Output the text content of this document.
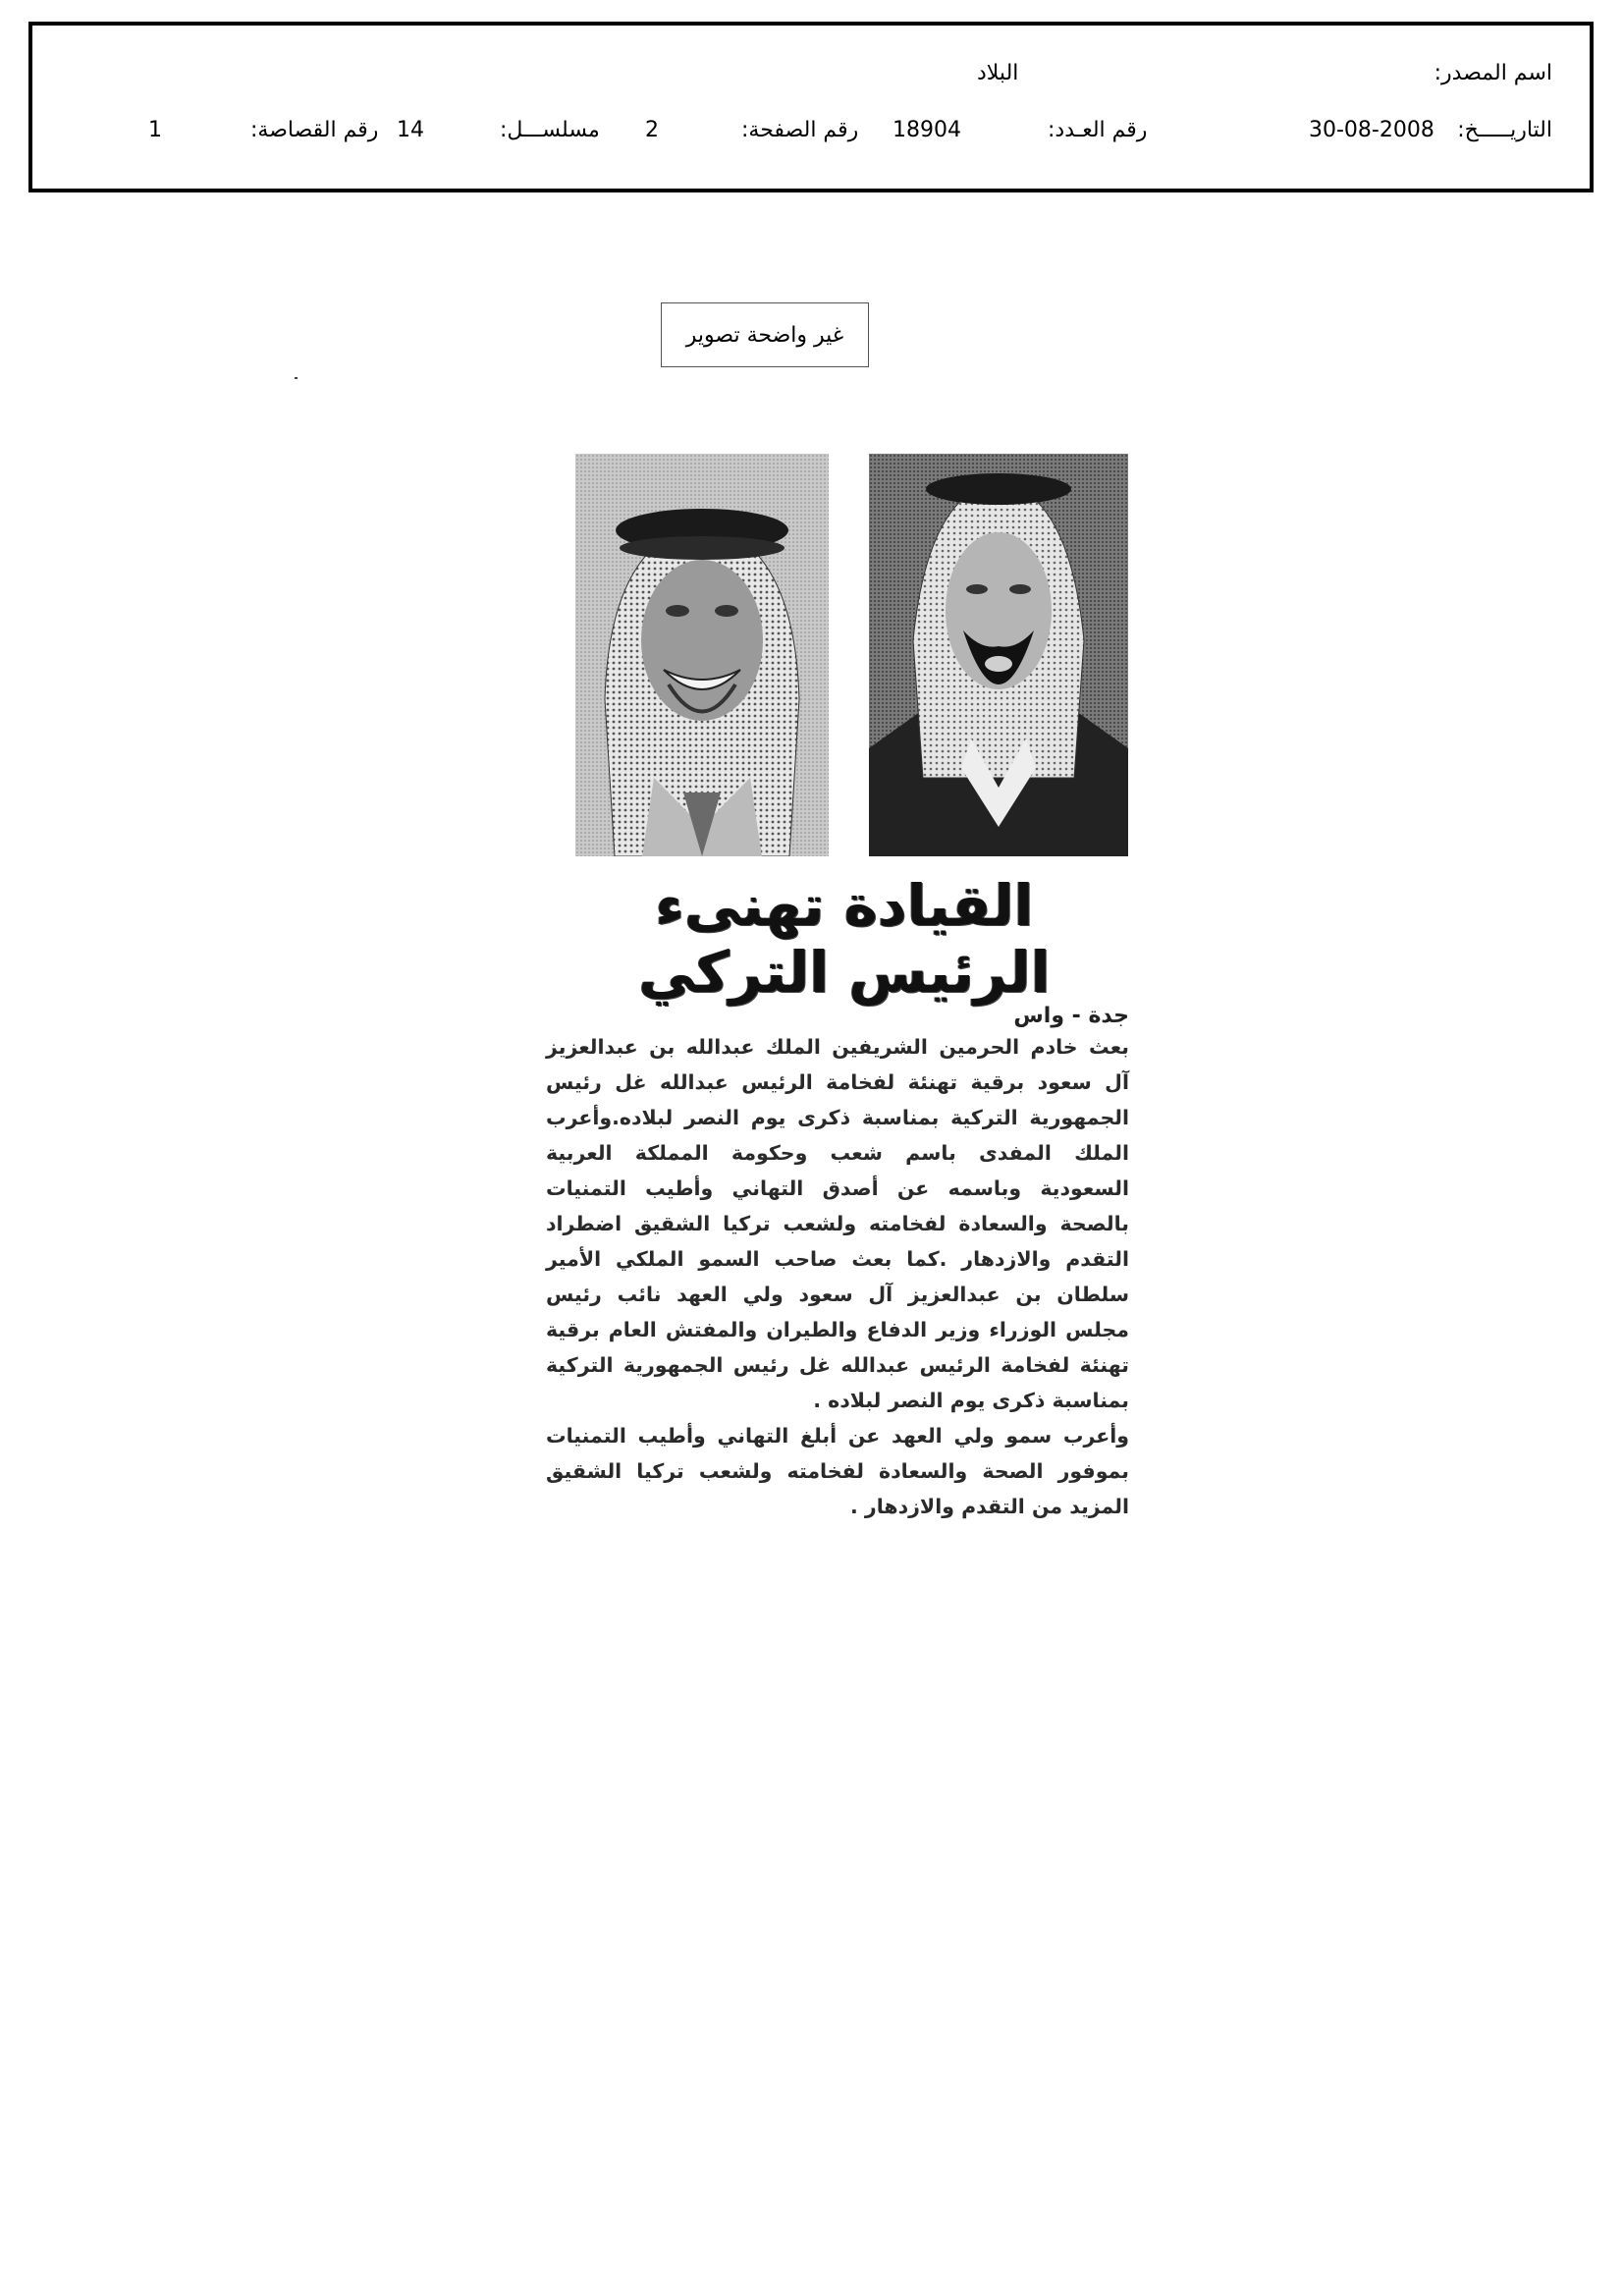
اسم المصدر:
البلاد
التاريـــــخ:
30-08-2008
رقم العـدد:
18904
رقم الصفحة:
2
مسلســـل:
14
رقم القصاصة:
1
غير واضحة تصوير
القيادة تهنىء الرئيس التركي
جدة - واس

بعث خادم الحرمين الشريفين الملك عبدالله بن عبدالعزيز آل سعود برقية تهنئة لفخامة الرئيس عبدالله غل رئيس الجمهورية التركية بمناسبة ذكرى يوم النصر لبلاده.وأعرب الملك المفدى باسم شعب وحكومة المملكة العربية السعودية وباسمه عن أصدق التهاني وأطيب التمنيات بالصحة والسعادة لفخامته ولشعب تركيا الشقيق اضطراد التقدم والازدهار .كما بعث صاحب السمو الملكي الأمير سلطان بن عبدالعزيز آل سعود ولي العهد نائب رئيس مجلس الوزراء وزير الدفاع والطيران والمفتش العام برقية تهنئة لفخامة الرئيس عبدالله غل رئيس الجمهورية التركية بمناسبة ذكرى يوم النصر لبلاده .

وأعرب سمو ولي العهد عن أبلغ التهاني وأطيب التمنيات بموفور الصحة والسعادة لفخامته ولشعب تركيا الشقيق المزيد من التقدم والازدهار .
